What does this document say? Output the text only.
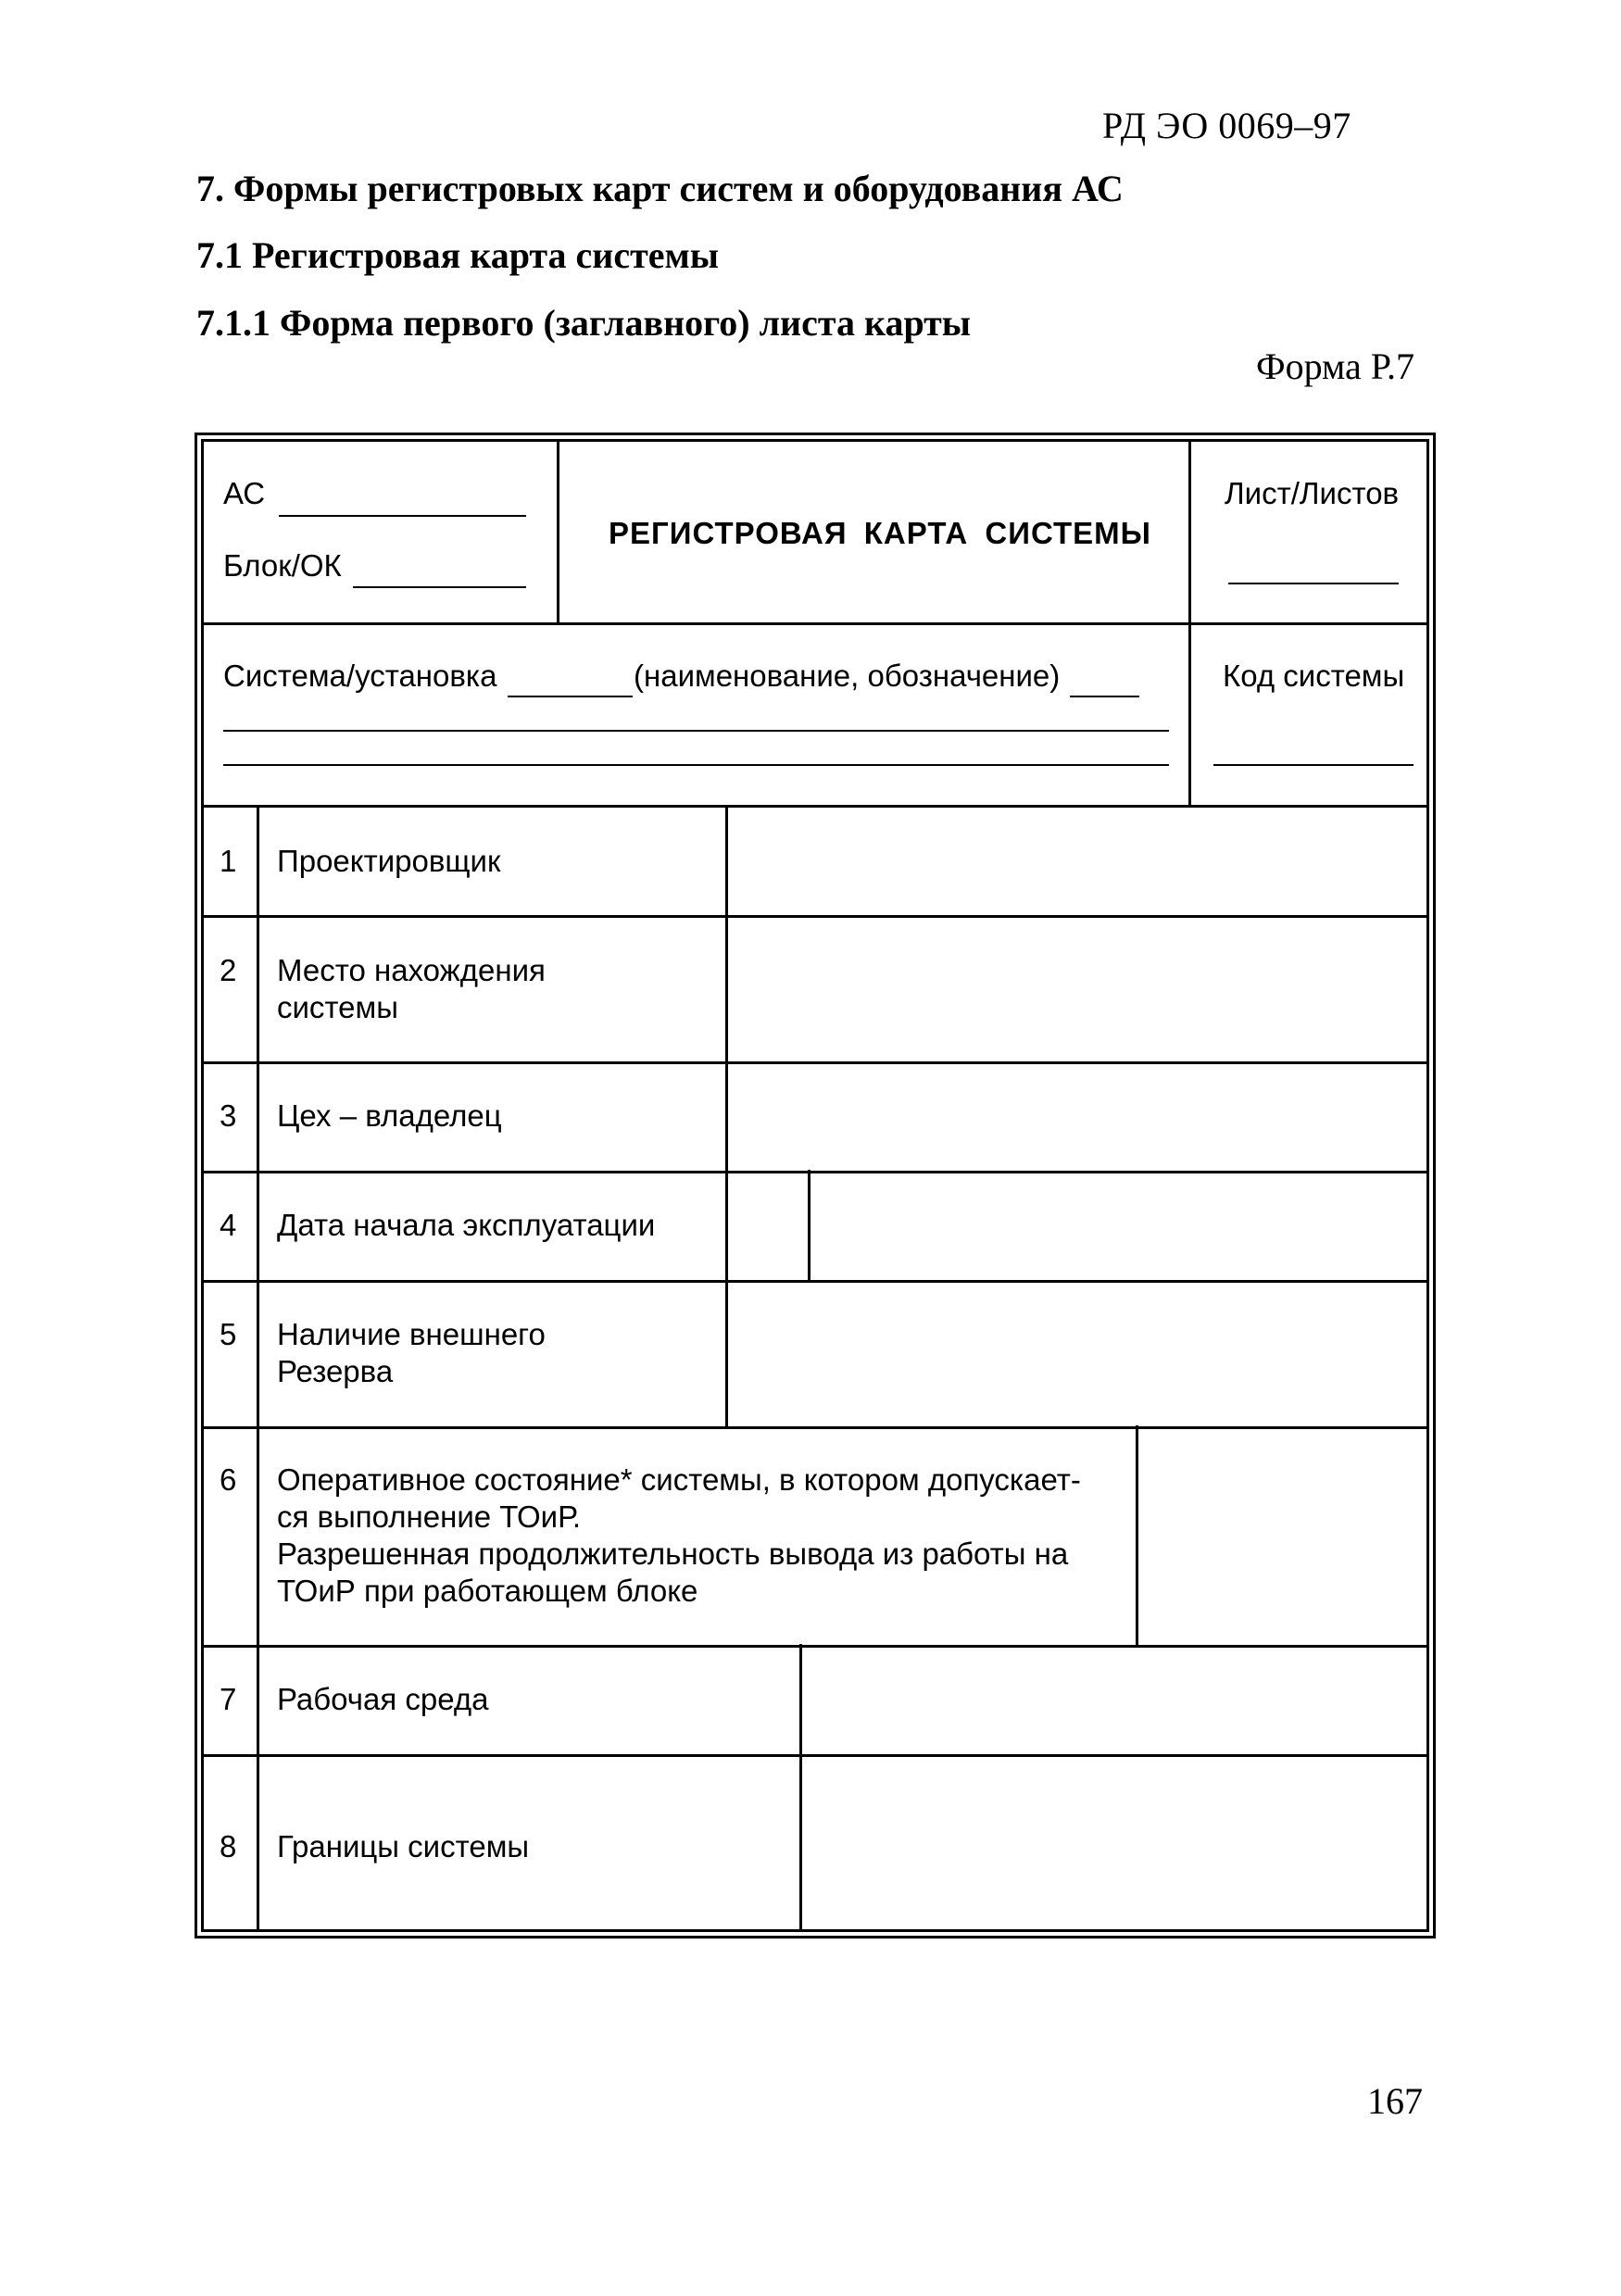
РД ЭО 0069–97
7. Формы регистровых карт систем и оборудования АС
7.1 Регистровая карта системы
7.1.1 Форма первого (заглавного) листа карты
Форма Р.7
АС
Блок/ОК
РЕГИСТРОВАЯ КАРТА СИСТЕМЫ
Лист/Листов
Система/установка	(наименование, обозначение)	Код системы
1 Проектировщик
2 Место нахождения
системы
3 Цех – владелец
4 Дата начала эксплуатации
5 Наличие внешнего
Резерва
6 Оперативное состояние* системы, в котором допускает-
ся выполнение ТОиР.
Разрешенная продолжительность вывода из работы на
ТОиР при работающем блоке
7 Рабочая среда
8 Границы системы
167
